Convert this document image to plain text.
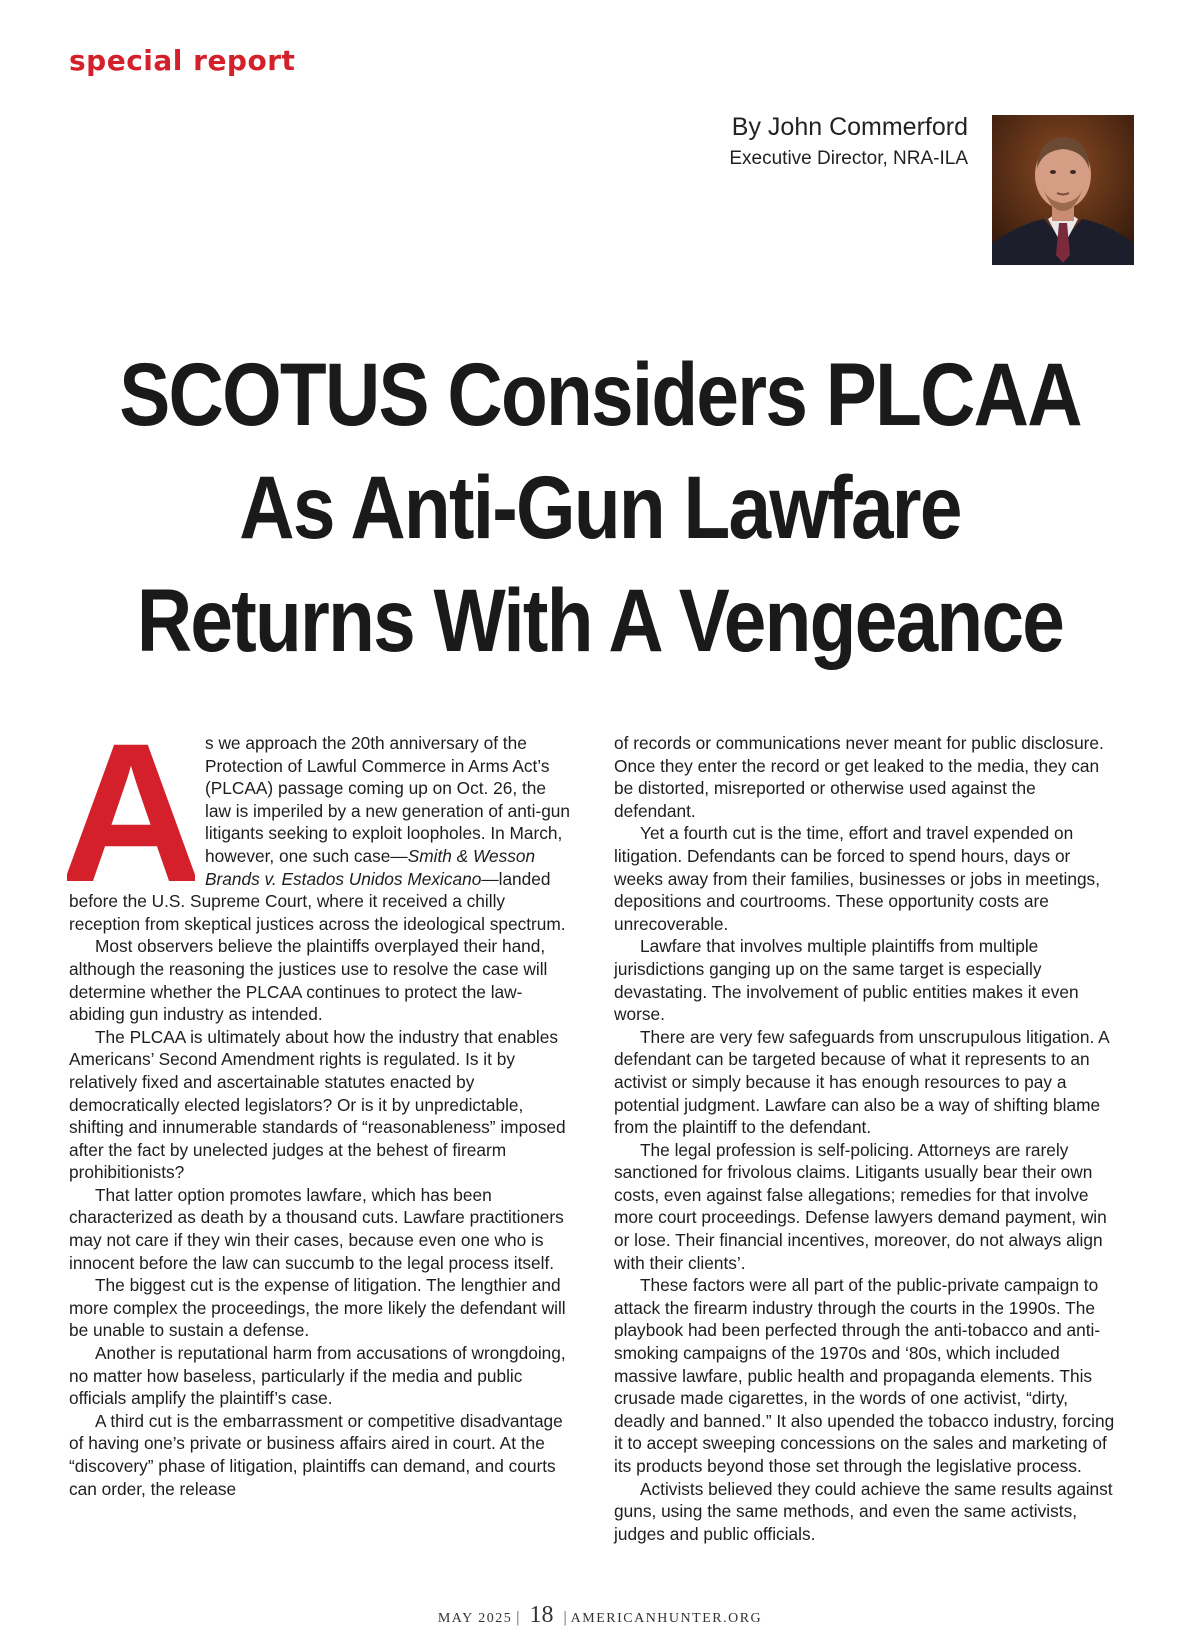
special report
By John Commerford
Executive Director, NRA-ILA
SCOTUS Considers PLCAA
As Anti-Gun Lawfare
Returns With A Vengeance
A s we approach the 20th anniversary of the Protection of Lawful Commerce in Arms Act’s (PLCAA) passage coming up on Oct. 26, the law is imperiled by a new generation of anti-gun litigants seeking to exploit loopholes. In March, however, one such case—Smith & Wesson Brands v. Estados Unidos Mexicano—landed before the U.S. Supreme Court, where it received a chilly reception from skeptical justices across the ideological spectrum.

Most observers believe the plaintiffs overplayed their hand, although the reasoning the justices use to resolve the case will determine whether the PLCAA continues to protect the law-abiding gun industry as intended.

The PLCAA is ultimately about how the industry that enables Americans’ Second Amendment rights is regulated. Is it by relatively fixed and ascertainable statutes enacted by democratically elected legislators? Or is it by unpredictable, shifting and innumerable standards of “reasonableness” imposed after the fact by unelected judges at the behest of firearm prohibitionists?

That latter option promotes lawfare, which has been characterized as death by a thousand cuts. Lawfare practitioners may not care if they win their cases, because even one who is innocent before the law can succumb to the legal process itself.

The biggest cut is the expense of litigation. The lengthier and more complex the proceedings, the more likely the defendant will be unable to sustain a defense.

Another is reputational harm from accusations of wrongdoing, no matter how baseless, particularly if the media and public officials amplify the plaintiff’s case.

A third cut is the embarrassment or competitive disadvantage of having one’s private or business affairs aired in court. At the “discovery” phase of litigation, plaintiffs can demand, and courts can order, the release

of records or communications never meant for public disclosure. Once they enter the record or get leaked to the media, they can be distorted, misreported or otherwise used against the defendant.

Yet a fourth cut is the time, effort and travel expended on litigation. Defendants can be forced to spend hours, days or weeks away from their families, businesses or jobs in meetings, depositions and courtrooms. These opportunity costs are unrecoverable.

Lawfare that involves multiple plaintiffs from multiple jurisdictions ganging up on the same target is especially devastating. The involvement of public entities makes it even worse.

There are very few safeguards from unscrupulous litigation. A defendant can be targeted because of what it represents to an activist or simply because it has enough resources to pay a potential judgment. Lawfare can also be a way of shifting blame from the plaintiff to the defendant.

The legal profession is self-policing. Attorneys are rarely sanctioned for frivolous claims. Litigants usually bear their own costs, even against false allegations; remedies for that involve more court proceedings. Defense lawyers demand payment, win or lose. Their financial incentives, moreover, do not always align with their clients’.

These factors were all part of the public-private campaign to attack the firearm industry through the courts in the 1990s. The playbook had been perfected through the anti-tobacco and anti-smoking campaigns of the 1970s and ‘80s, which included massive lawfare, public health and propaganda elements. This crusade made cigarettes, in the words of one activist, “dirty, deadly and banned.” It also upended the tobacco industry, forcing it to accept sweeping concessions on the sales and marketing of its products beyond those set through the legislative process.

Activists believed they could achieve the same results against guns, using the same methods, and even the same activists, judges and public officials.

MAY 2025 | 18 | AMERICANHUNTER.ORG
